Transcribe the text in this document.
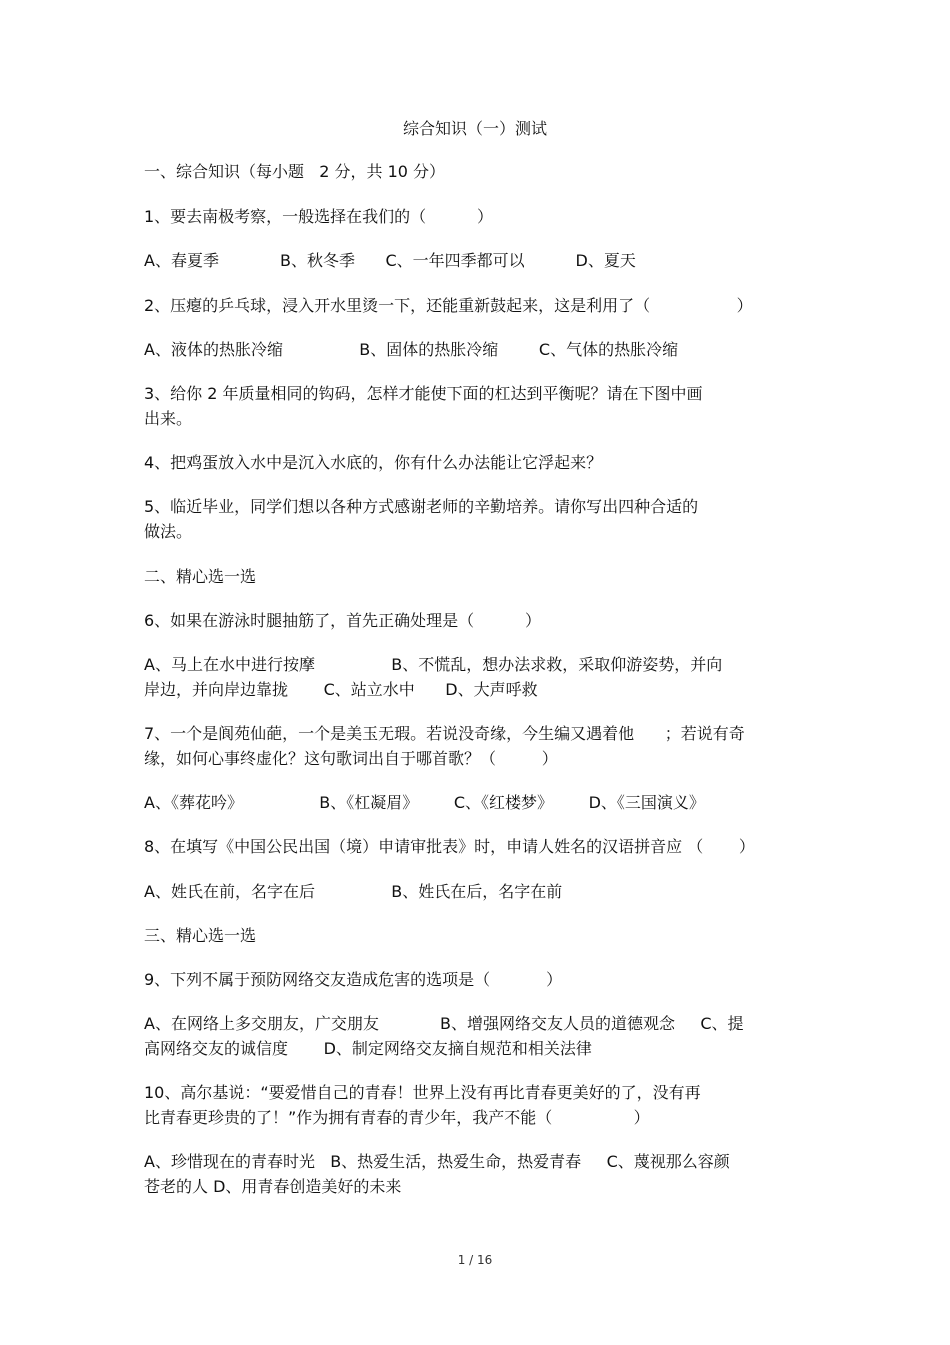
综合知识（一）测试
一、综合知识（每小题   2 分，共 10 分）
1、要去南极考察，一般选择在我们的（          ）
A、春夏季            B、秋冬季      C、一年四季都可以          D、夏天
2、压瘪的乒乓球，浸入开水里烫一下，还能重新鼓起来，这是利用了（                 ）
A、液体的热胀冷缩               B、固体的热胀冷缩        C、气体的热胀冷缩
3、给你 2 年质量相同的钩码，怎样才能使下面的杠达到平衡呢？请在下图中画
出来。
4、把鸡蛋放入水中是沉入水底的，你有什么办法能让它浮起来？
5、临近毕业，同学们想以各种方式感谢老师的辛勤培养。请你写出四种合适的
做法。
二、精心选一选
6、如果在游泳时腿抽筋了，首先正确处理是（          ）
A、马上在水中进行按摩               B、不慌乱，想办法求救，采取仰游姿势，并向
岸边，并向岸边靠拢       C、站立水中      D、大声呼救
7、一个是阆苑仙葩，一个是美玉无瑕。若说没奇缘，今生编又遇着他      ；若说有奇
缘，如何心事终虚化？这句歌词出自于哪首歌？（         ）
A、《葬花吟》               B、《杠凝眉》       C、《红楼梦》       D、《三国演义》
8、在填写《中国公民出国（境）申请审批表》时，申请人姓名的汉语拼音应 （       ）
A、姓氏在前，名字在后               B、姓氏在后，名字在前
三、精心选一选
9、下列不属于预防网络交友造成危害的选项是（           ）
A、在网络上多交朋友，广交朋友            B、增强网络交友人员的道德观念     C、提
高网络交友的诚信度       D、制定网络交友摘自规范和相关法律
10、高尔基说：“要爱惜自己的青春！世界上没有再比青春更美好的了，没有再
比青春更珍贵的了！”作为拥有青春的青少年，我产不能（                ）
A、珍惜现在的青春时光   B、热爱生活，热爱生命，热爱青春     C、蔑视那么容颜
苍老的人 D、用青春创造美好的未来
1 / 16
